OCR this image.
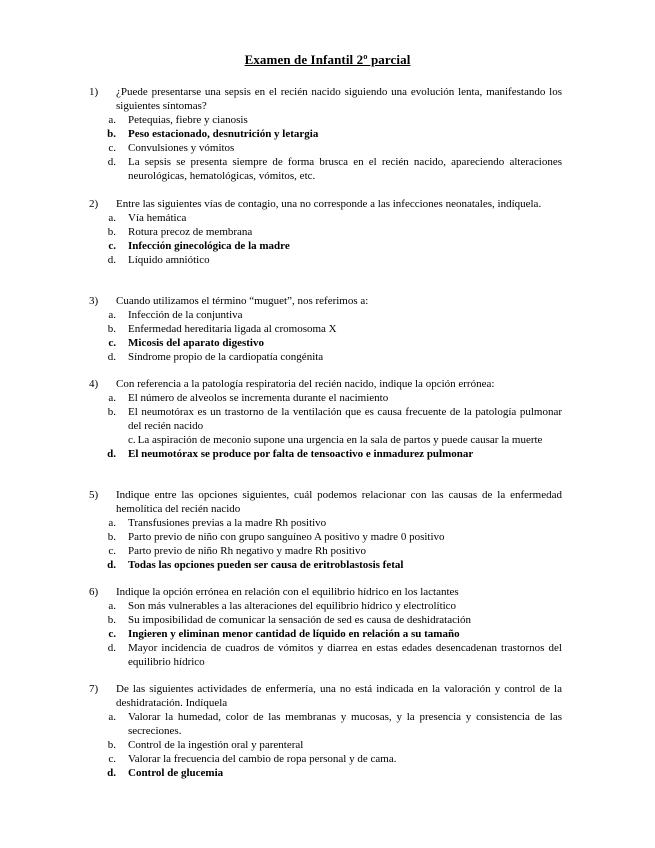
Examen de Infantil 2º parcial
1)	¿Puede presentarse una sepsis en el recién nacido siguiendo una evolución lenta, manifestando los siguientes síntomas?
a.	Petequias, fiebre y cianosis
b.	Peso estacionado, desnutrición y letargia
c.	Convulsiones y vómitos
d.	La sepsis se presenta siempre de forma brusca en el recién nacido, apareciendo alteraciones neurológicas, hematológicas, vómitos, etc.
2)	Entre las siguientes vías de contagio, una no corresponde a las infecciones neonatales, indíquela.
a.	Vía hemática
b.	Rotura precoz de membrana
c.	Infección ginecológica de la madre
d.	Líquido amniótico
3)	Cuando utilizamos el término “muguet”, nos referimos a:
a.	Infección de la conjuntiva
b.	Enfermedad hereditaria ligada al cromosoma X
c.	Micosis del aparato digestivo
d.	Síndrome propio de la cardiopatía congénita
4)	Con referencia a la patología respiratoria del recién nacido, indique la opción errónea:
a.	El número de alveolos se incrementa durante el nacimiento
b.	El neumotórax es un trastorno de la ventilación que es causa frecuente de la patología pulmonar del recién nacido
c. La aspiración de meconio supone una urgencia en la sala de partos y puede causar la muerte
d.	El neumotórax se produce por falta de tensoactivo e inmadurez pulmonar
5)	Indique entre las opciones siguientes, cuál podemos relacionar con las causas de la enfermedad hemolítica del recién nacido
a.	Transfusiones previas a la madre Rh positivo
b.	Parto previo de niño con grupo sanguíneo A positivo y madre 0 positivo
c.	Parto previo de niño Rh negativo y madre Rh positivo
d.	Todas las opciones pueden ser causa de eritroblastosis fetal
6)	Indique la opción errónea en relación con el equilibrio hídrico en los lactantes
a.	Son más vulnerables a las alteraciones del equilibrio hídrico y electrolítico
b.	Su imposibilidad de comunicar la sensación de sed es causa de deshidratación
c.	Ingieren y eliminan menor cantidad de líquido en relación a su tamaño
d.	Mayor incidencia de cuadros de vómitos y diarrea en estas edades desencadenan trastornos del equilibrio hídrico
7)	De las siguientes actividades de enfermería, una no está indicada en la valoración y control de la deshidratación. Indíquela
a.	Valorar la humedad, color de las membranas y mucosas, y la presencia y consistencia de las secreciones.
b.	Control de la ingestión oral y parenteral
c.	Valorar la frecuencia del cambio de ropa personal y de cama.
d.	Control de glucemia
